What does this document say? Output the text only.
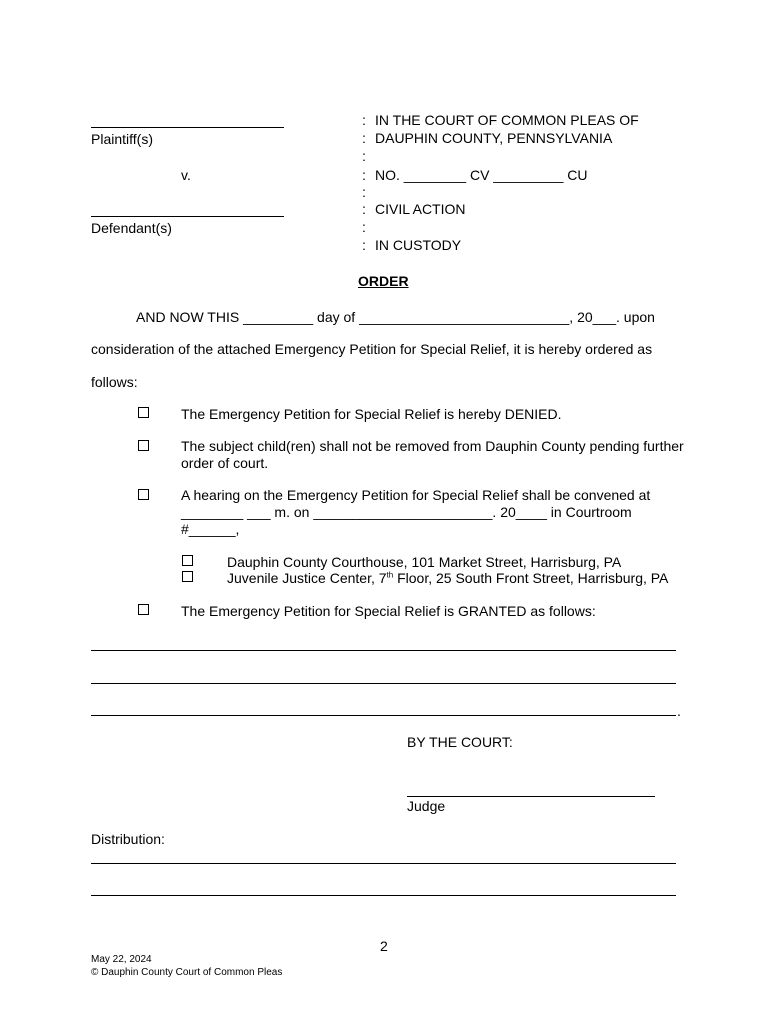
Plaintiff(s)
v.
Defendant(s)
:
:
:
:
:
:
:
:
IN THE COURT OF COMMON PLEAS OF
DAUPHIN COUNTY, PENNSYLVANIA
NO. ________ CV _________ CU
CIVIL ACTION
IN CUSTODY
ORDER
AND NOW THIS _________ day of ___________________________, 20___. upon
consideration of the attached Emergency Petition for Special Relief, it is hereby ordered as
follows:
The Emergency Petition for Special Relief is hereby DENIED.
The subject child(ren) shall not be removed from Dauphin County pending further
order of court.
A hearing on the Emergency Petition for Special Relief shall be convened at
________ ___ m. on _______________________. 20____ in Courtroom
#______,
Dauphin County Courthouse, 101 Market Street, Harrisburg, PA
Juvenile Justice Center, 7th Floor, 25 South Front Street, Harrisburg, PA
The Emergency Petition for Special Relief is GRANTED as follows:
.
BY THE COURT:
Judge
Distribution:
2
May 22, 2024
© Dauphin County Court of Common Pleas
